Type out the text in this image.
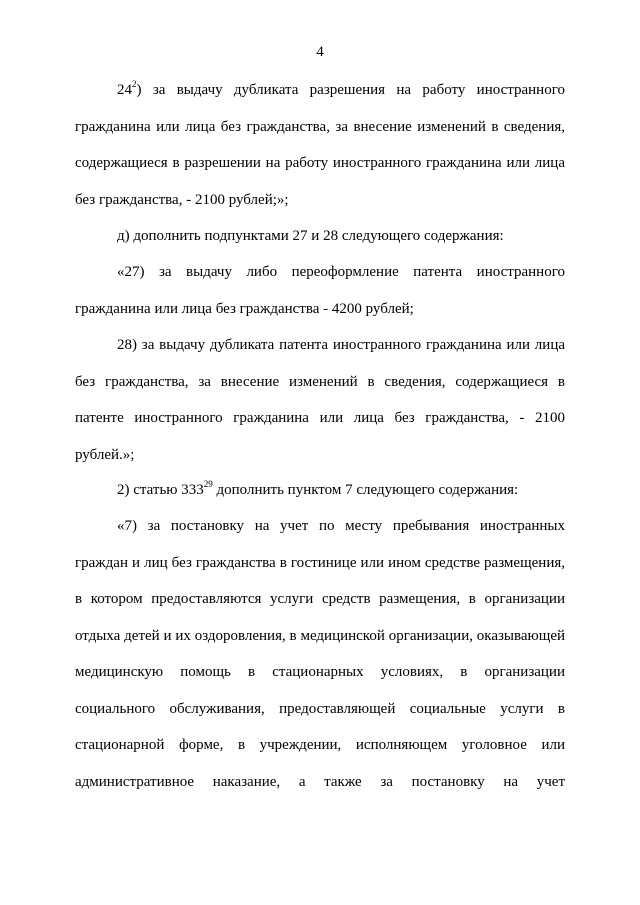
4

$24^2$) за выдачу дубликата разрешения на работу иностранного гражданина или лица без гражданства, за внесение изменений в сведения, содержащиеся в разрешении на работу иностранного гражданина или лица без гражданства, - 2100 рублей;»;

д) дополнить подпунктами 27 и 28 следующего содержания:

«27) за выдачу либо переоформление патента иностранного гражданина или лица без гражданства - 4200 рублей;

28) за выдачу дубликата патента иностранного гражданина или лица без гражданства, за внесение изменений в сведения, содержащиеся в патенте иностранного гражданина или лица без гражданства, - 2100 рублей.»;

2) статью $333^{29}$ дополнить пунктом 7 следующего содержания:

«7) за постановку на учет по месту пребывания иностранных граждан и лиц без гражданства в гостинице или ином средстве размещения, в котором предоставляются услуги средств размещения, в организации отдыха детей и их оздоровления, в медицинской организации, оказывающей медицинскую помощь в стационарных условиях, в организации социального обслуживания, предоставляющей социальные услуги в стационарной форме, в учреждении, исполняющем уголовное или административное наказание, а также за постановку на учет
